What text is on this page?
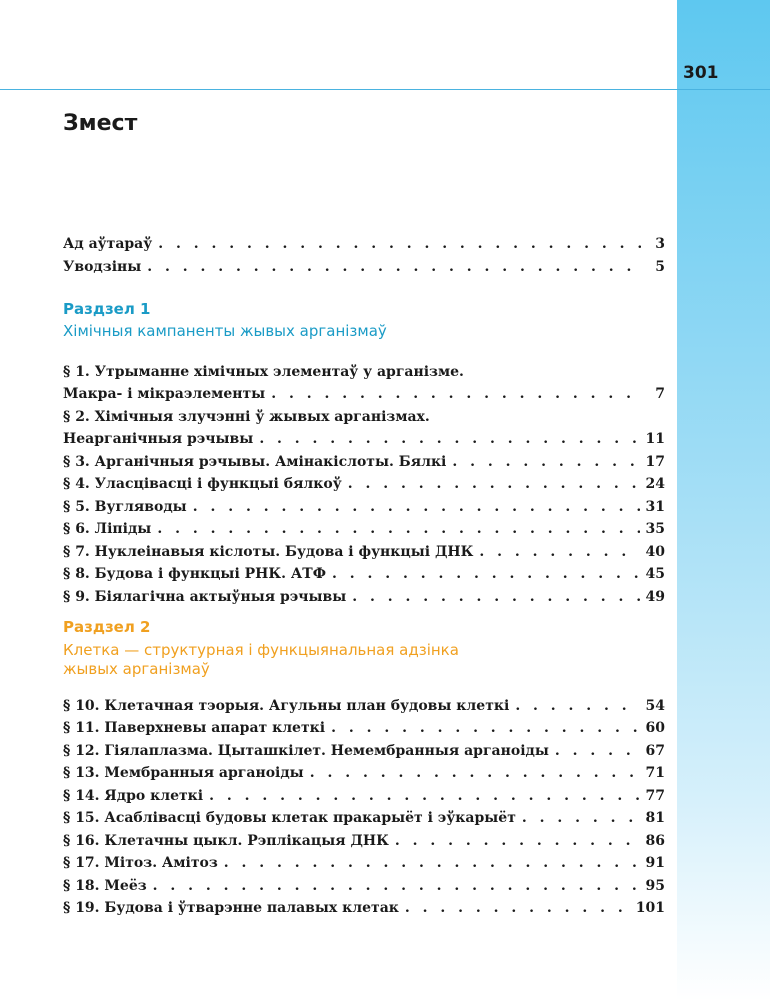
301
Змест
Ад аўтараў . . .	3
Уводзіны . . .	5
Раздзел 1
Хімічныя кампаненты жывых арганізмаў
§ 1. Утрыманне хімічных элементаў у арганізме.
Макра- і мікраэлементы . . .	7
§ 2. Хімічныя злучэнні ў жывых арганізмах.
Неарганічныя рэчывы . . .	11
§ 3. Арганічныя рэчывы. Амінакіслоты. Бялкі . . .	17
§ 4. Уласцівасці і функцыі бялкоў . . .	24
§ 5. Вугляводы . . .	31
§ 6. Ліпіды . . .	35
§ 7. Нуклеінавыя кіслоты. Будова і функцыі ДНК . . .	40
§ 8. Будова і функцыі РНК. АТФ . . .	45
§ 9. Біялагічна актыўныя рэчывы . . .	49
Раздзел 2
Клетка — структурная і функцыянальная адзінка
жывых арганізмаў
§ 10. Клетачная тэорыя. Агульны план будовы клеткі . . .	54
§ 11. Паверхневы апарат клеткі . . .	60
§ 12. Гіялаплазма. Цыташкілет. Немембранныя арганоіды . . .	67
§ 13. Мембранныя арганоіды . . .	71
§ 14. Ядро клеткі . . .	77
§ 15. Асаблівасці будовы клетак пракарыёт і эўкарыёт . . .	81
§ 16. Клетачны цыкл. Рэплікацыя ДНК . . .	86
§ 17. Мітоз. Амітоз . . .	91
§ 18. Меёз . . .	95
§ 19. Будова і ўтварэнне палавых клетак . . .	101
